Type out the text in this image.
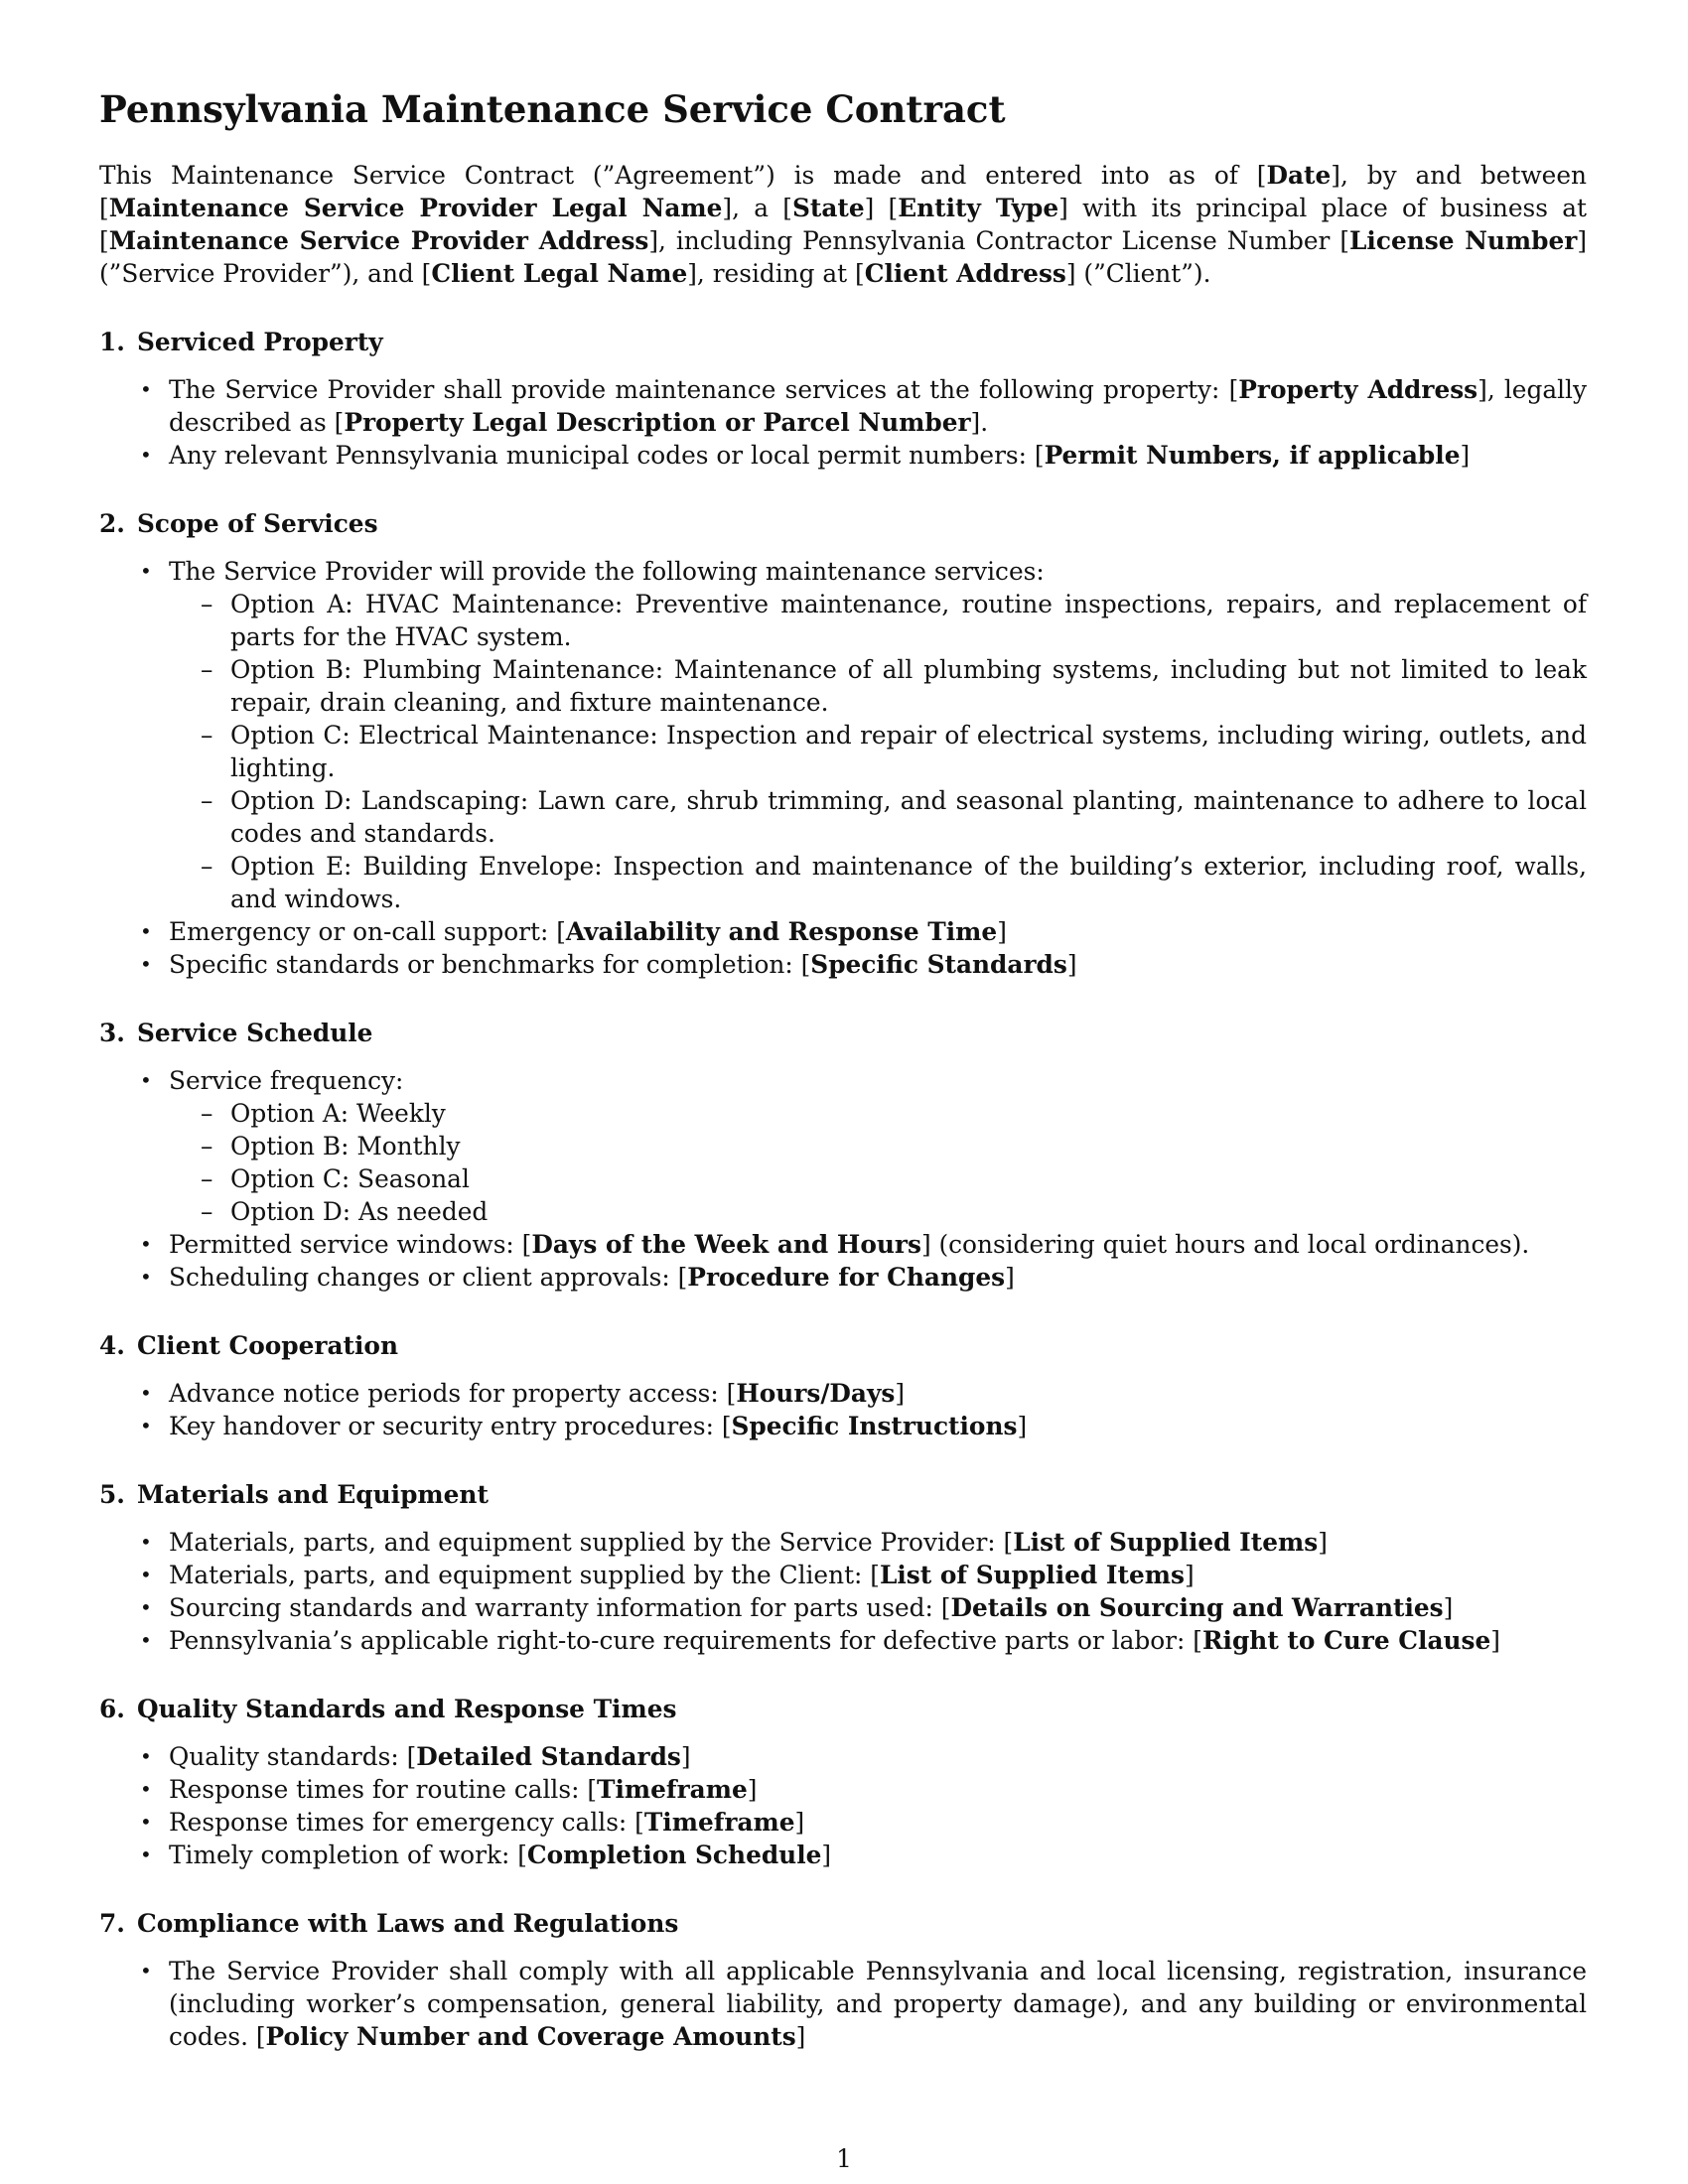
Pennsylvania Maintenance Service Contract

This Maintenance Service Contract (”Agreement”) is made and entered into as of [Date], by and between [Maintenance Service Provider Legal Name], a [State] [Entity Type] with its principal place of business at [Maintenance Service Provider Address], including Pennsylvania Contractor License Number [License Number] (”Service Provider”), and [Client Legal Name], residing at [Client Address] (”Client”).

1. Serviced Property
• The Service Provider shall provide maintenance services at the following property: [Property Address], legally described as [Property Legal Description or Parcel Number].
• Any relevant Pennsylvania municipal codes or local permit numbers: [Permit Numbers, if applicable]
2. Scope of Services
• The Service Provider will provide the following maintenance services:
– Option A: HVAC Maintenance: Preventive maintenance, routine inspections, repairs, and replacement of parts for the HVAC system.
– Option B: Plumbing Maintenance: Maintenance of all plumbing systems, including but not limited to leak repair, drain cleaning, and fixture maintenance.
– Option C: Electrical Maintenance: Inspection and repair of electrical systems, including wiring, outlets, and lighting.
– Option D: Landscaping: Lawn care, shrub trimming, and seasonal planting, maintenance to adhere to local codes and standards.
– Option E: Building Envelope: Inspection and maintenance of the building’s exterior, including roof, walls, and windows.
• Emergency or on-call support: [Availability and Response Time]
• Specific standards or benchmarks for completion: [Specific Standards]
3. Service Schedule
• Service frequency:
– Option A: Weekly
– Option B: Monthly
– Option C: Seasonal
– Option D: As needed
• Permitted service windows: [Days of the Week and Hours] (considering quiet hours and local ordinances).
• Scheduling changes or client approvals: [Procedure for Changes]
4. Client Cooperation
• Advance notice periods for property access: [Hours/Days]
• Key handover or security entry procedures: [Specific Instructions]
5. Materials and Equipment
• Materials, parts, and equipment supplied by the Service Provider: [List of Supplied Items]
• Materials, parts, and equipment supplied by the Client: [List of Supplied Items]
• Sourcing standards and warranty information for parts used: [Details on Sourcing and Warranties]
• Pennsylvania’s applicable right-to-cure requirements for defective parts or labor: [Right to Cure Clause]
6. Quality Standards and Response Times
• Quality standards: [Detailed Standards]
• Response times for routine calls: [Timeframe]
• Response times for emergency calls: [Timeframe]
• Timely completion of work: [Completion Schedule]
7. Compliance with Laws and Regulations
• The Service Provider shall comply with all applicable Pennsylvania and local licensing, registration, insurance (including worker’s compensation, general liability, and property damage), and any building or environmental codes. [Policy Number and Coverage Amounts]
1
